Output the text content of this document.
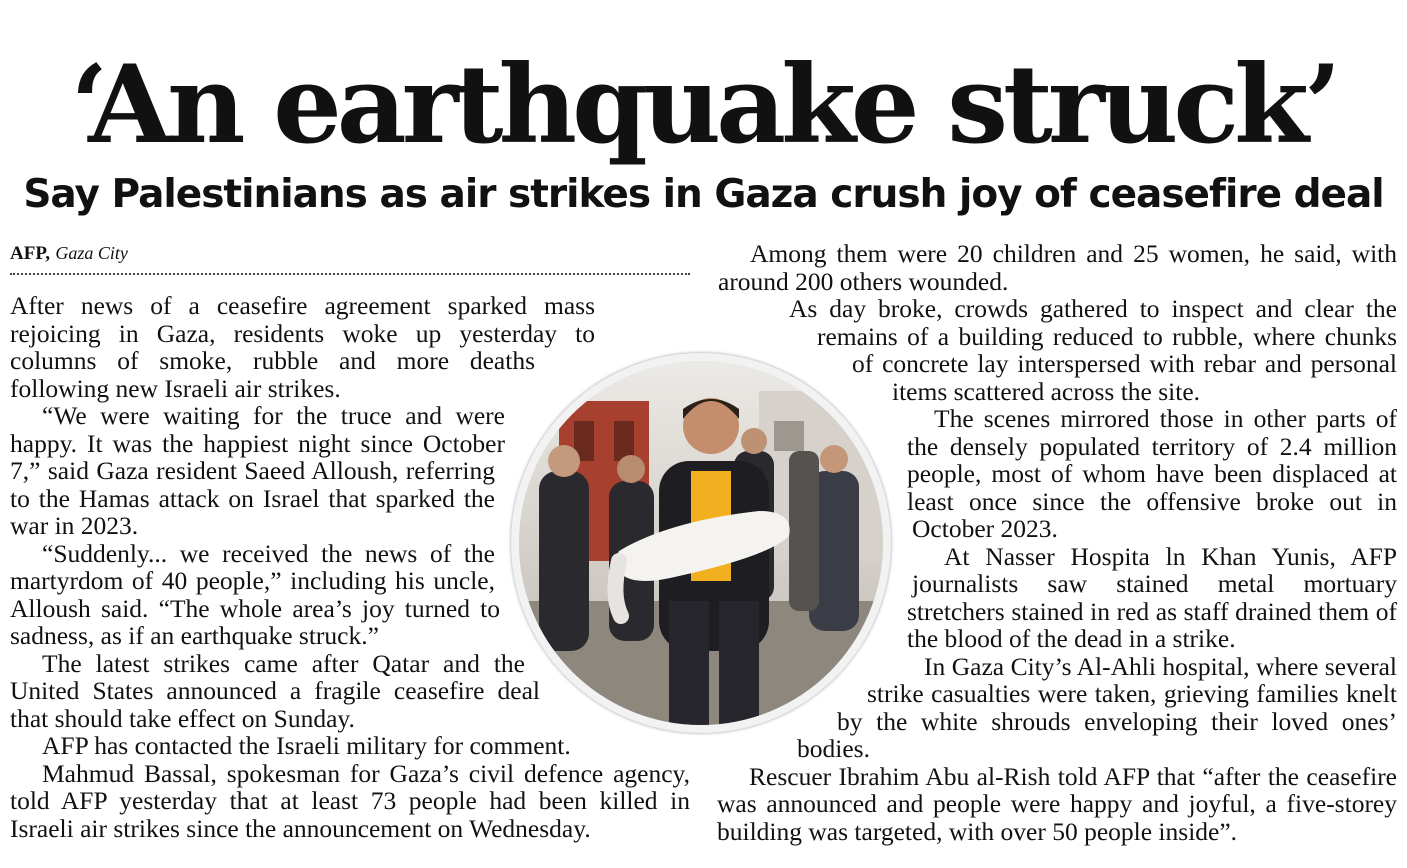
‘An earthquake struck’
Say Palestinians as air strikes in Gaza crush joy of ceasefire deal
AFP, Gaza City

After news of a ceasefire agreement sparked mass rejoicing in Gaza, residents woke up yesterday to columns of smoke, rubble and more deaths following new Israeli air strikes.

“We were waiting for the truce and were happy. It was the happiest night since October 7,” said Gaza resident Saeed Alloush, referring to the Hamas attack on Israel that sparked the war in 2023.

“Suddenly... we received the news of the martyrdom of 40 people,” including his uncle, Alloush said. “The whole area’s joy turned to sadness, as if an earthquake struck.”

The latest strikes came after Qatar and the United States announced a fragile ceasefire deal that should take effect on Sunday.

AFP has contacted the Israeli military for comment.

Mahmud Bassal, spokesman for Gaza’s civil defence agency, told AFP yesterday that at least 73 people had been killed in Israeli air strikes since the announcement on Wednesday.

Among them were 20 children and 25 women, he said, with around 200 others wounded.

As day broke, crowds gathered to inspect and clear the remains of a building reduced to rubble, where chunks of concrete lay interspersed with rebar and personal items scattered across the site.

The scenes mirrored those in other parts of the densely populated territory of 2.4 million people, most of whom have been displaced at least once since the offensive broke out in October 2023.

At Nasser Hospita ln Khan Yunis, AFP journalists saw stained metal mortuary stretchers stained in red as staff drained them of the blood of the dead in a strike.

In Gaza City’s Al-Ahli hospital, where several strike casualties were taken, grieving families knelt by the white shrouds enveloping their loved ones’ bodies.

Rescuer Ibrahim Abu al-Rish told AFP that “after the ceasefire was announced and people were happy and joyful, a five-storey building was targeted, with over 50 people inside”.
